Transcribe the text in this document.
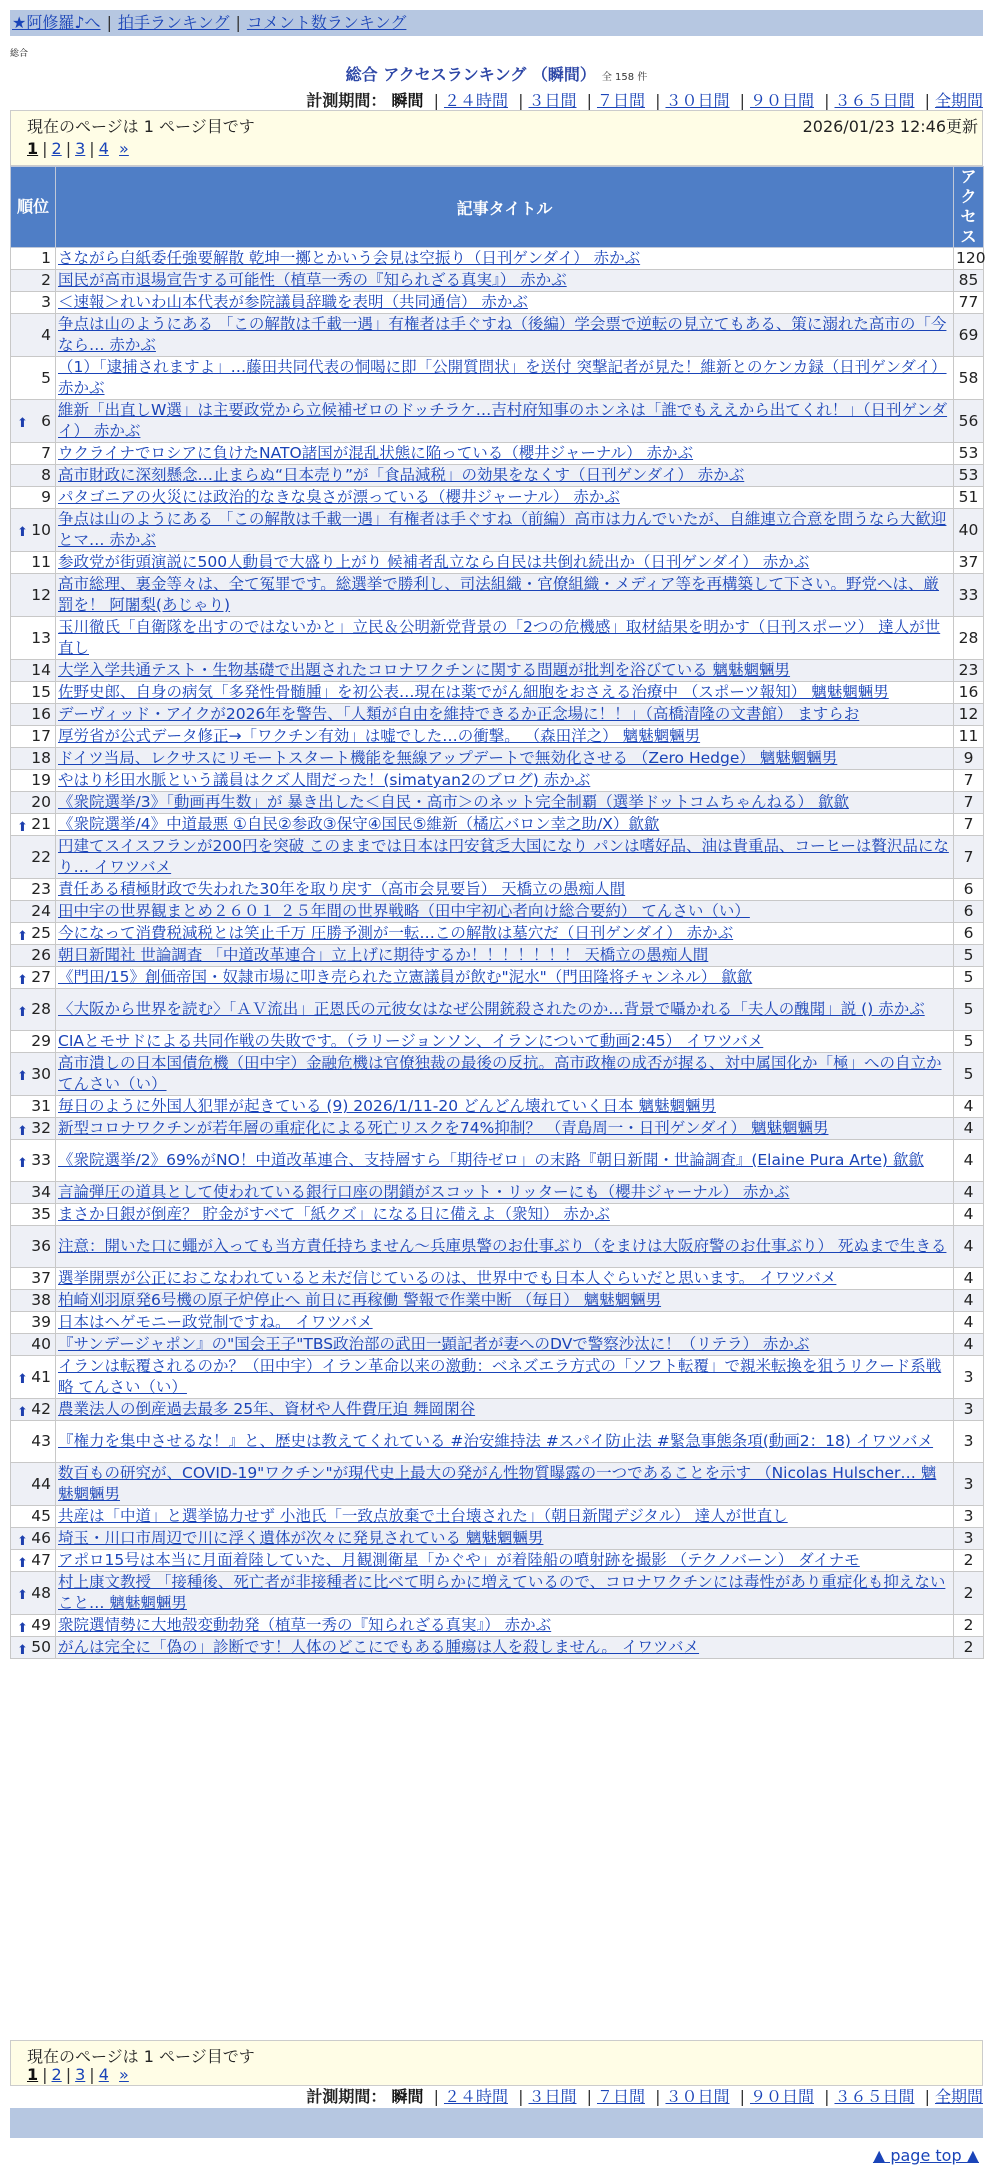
★阿修羅♪へ | 拍手ランキング | コメント数ランキング
総合
総合 アクセスランキング （瞬間） 全 158 件
計測期間： 瞬間 | ２４時間 | ３日間 | ７日間 | ３０日間 | ９０日間 | ３６５日間 | 全期間
現在のページは 1 ページ目です	2026/01/23 12:46更新
1 | 2 | 3 | 4 »
順位	記事タイトル	アクセス
1	さながら白紙委任強要解散 乾坤一擲とかいう会見は空振り（日刊ゲンダイ） 赤かぶ	120
2	国民が高市退場宣告する可能性（植草一秀の『知られざる真実』） 赤かぶ	85
3	＜速報＞れいわ山本代表が参院議員辞職を表明（共同通信） 赤かぶ	77
4	争点は山のようにある 「この解散は千載一遇」有権者は手ぐすね（後編）学会票で逆転の見立てもある、策に溺れた高市の「今なら… 赤かぶ	69
5	（1）「逮捕されますよ」…藤田共同代表の恫喝に即「公開質問状」を送付 突撃記者が見た！維新とのケンカ録（日刊ゲンダイ） 赤かぶ	58

⬆ 6	維新「出直しW選」は主要政党から立候補ゼロのドッチラケ…吉村府知事のホンネは「誰でもええから出てくれ！」（日刊ゲンダイ） 赤かぶ	56
7	ウクライナでロシアに負けたNATO諸国が混乱状態に陥っている（櫻井ジャーナル） 赤かぶ	53
8	高市財政に深刻懸念…止まらぬ“日本売り”が「食品減税」の効果をなくす（日刊ゲンダイ） 赤かぶ	53
9	パタゴニアの火災には政治的なきな臭さが漂っている（櫻井ジャーナル） 赤かぶ	51

⬆ 10	争点は山のようにある 「この解散は千載一遇」有権者は手ぐすね（前編）高市は力んでいたが、自維連立合意を問うなら大歓迎とマ… 赤かぶ	40
11	参政党が街頭演説に500人動員で大盛り上がり 候補者乱立なら自民は共倒れ続出か（日刊ゲンダイ） 赤かぶ	37
12	高市総理、裏金等々は、全て冤罪です。総選挙で勝利し、司法組織・官僚組織・メディア等を再構築して下さい。野党へは、厳罰を！ 阿闍梨(あじゃり)	33
13	玉川徹氏「自衛隊を出すのではないかと」立民＆公明新党背景の「2つの危機感」取材結果を明かす（日刊スポーツ） 達人が世直し	28
14	大学入学共通テスト・生物基礎で出題されたコロナワクチンに関する問題が批判を浴びている 魑魅魍魎男	23
15	佐野史郎、自身の病気「多発性骨髄腫」を初公表…現在は薬でがん細胞をおさえる治療中 （スポーツ報知） 魑魅魍魎男	16
16	デーヴィッド・アイクが2026年を警告、「人類が自由を維持できるか正念場に！！」（高橋清隆の文書館） ますらお	12
17	厚労省が公式データ修正→「ワクチン有効」は嘘でした…の衝撃。 （森田洋之） 魑魅魍魎男	11
18	ドイツ当局、レクサスにリモートスタート機能を無線アップデートで無効化させる （Zero Hedge） 魑魅魍魎男	9
19	やはり杉田水脈という議員はクズ人間だった！(simatyan2のブログ) 赤かぶ	7
20	《衆院選挙/3》「動画再生数」が 暴き出した＜自民・高市＞のネット完全制覇（選挙ドットコムちゃんねる） 歙歙	7

⬆ 21	《衆院選挙/4》中道最悪 ①自民②参政③保守④国民⑤維新（橘広バロン幸之助/X）歙歙	7
22	円建てスイスフランが200円を突破 このままでは日本は円安貧乏大国になり パンは嗜好品、油は貴重品、コーヒーは贅沢品になり… イワツバメ	7
23	責任ある積極財政で失われた30年を取り戻す（高市会見要旨） 天橋立の愚痴人間	6
24	田中宇の世界観まとめ２６０１ ２５年間の世界戦略（田中宇初心者向け総合要約） てんさい（い）	6

⬆ 25	今になって消費税減税とは笑止千万 圧勝予測が一転…この解散は墓穴だ（日刊ゲンダイ） 赤かぶ	6
26	朝日新聞社 世論調査 「中道改革連合」立上げに期待するか！！！！！！！ 天橋立の愚痴人間	5

⬆ 27	《門田/15》創価帝国・奴隷市場に叩き売られた立憲議員が飲む"泥水"（門田隆将チャンネル） 歙歙	5

⬆ 28	〈大阪から世界を読む〉「ＡＶ流出」正恩氏の元彼女はなぜ公開銃殺されたのか…背景で囁かれる「夫人の醜聞」説 () 赤かぶ	5
29	CIAとモサドによる共同作戦の失敗です。（ラリージョンソン、イランについて動画2:45） イワツバメ	5

⬆ 30	高市潰しの日本国債危機（田中宇）金融危機は官僚独裁の最後の反抗。高市政権の成否が握る、対中属国化か「極」への自立か てんさい（い）	5
31	毎日のように外国人犯罪が起きている (9) 2026/1/11-20 どんどん壊れていく日本 魑魅魍魎男	4

⬆ 32	新型コロナワクチンが若年層の重症化による死亡リスクを74%抑制？ （青島周一・日刊ゲンダイ） 魑魅魍魎男	4

⬆ 33	《衆院選挙/2》69%がNO！中道改革連合、支持層すら「期待ゼロ」の末路『朝日新聞・世論調査』(Elaine Pura Arte) 歙歙	4
34	言論弾圧の道具として使われている銀行口座の閉鎖がスコット・リッターにも（櫻井ジャーナル） 赤かぶ	4
35	まさか日銀が倒産？ 貯金がすべて「紙クズ」になる日に備えよ（衆知） 赤かぶ	4
36	注意：開いた口に蠅が入っても当方責任持ちません～兵庫県警のお仕事ぶり（をまけは大阪府警のお仕事ぶり） 死ぬまで生きる	4
37	選挙開票が公正におこなわれていると未だ信じているのは、世界中でも日本人ぐらいだと思います。 イワツバメ	4
38	柏崎刈羽原発6号機の原子炉停止へ 前日に再稼働 警報で作業中断 （毎日） 魑魅魍魎男	4
39	日本はヘゲモニー政党制ですね。 イワツバメ	4
40	『サンデージャポン』の"国会王子"TBS政治部の武田一顕記者が妻へのDVで警察沙汰に！（リテラ） 赤かぶ	4

⬆ 41	イランは転覆されるのか？（田中宇）イラン革命以来の激動：ベネズエラ方式の「ソフト転覆」で親米転換を狙うリクード系戦略 てんさい（い）	3

⬆ 42	農業法人の倒産過去最多 25年、資材や人件費圧迫 舞岡閑谷	3
43	『権力を集中させるな！』と、歴史は教えてくれている #治安維持法 #スパイ防止法 #緊急事態条項(動画2：18) イワツバメ	3
44	数百もの研究が、COVID-19"ワクチン"が現代史上最大の発がん性物質曝露の一つであることを示す （Nicolas Hulscher… 魑魅魍魎男	3
45	共産は「中道」と選挙協力せず 小池氏「一致点放棄で土台壊された」（朝日新聞デジタル） 達人が世直し	3

⬆ 46	埼玉・川口市周辺で川に浮く遺体が次々に発見されている 魑魅魍魎男	3

⬆ 47	アポロ15号は本当に月面着陸していた、月観測衛星「かぐや」が着陸船の噴射跡を撮影 （テクノバーン） ダイナモ	2

⬆ 48	村上康文教授 「接種後、死亡者が非接種者に比べて明らかに増えているので、コロナワクチンには毒性があり重症化も抑えないこと… 魑魅魍魎男	2

⬆ 49	衆院選情勢に大地殻変動勃発（植草一秀の『知られざる真実』） 赤かぶ	2

⬆ 50	がんは完全に「偽の」診断です！人体のどこにでもある腫瘍は人を殺しません。 イワツバメ	2
現在のページは 1 ページ目です
1 | 2 | 3 | 4 »
計測期間： 瞬間 | ２４時間 | ３日間 | ７日間 | ３０日間 | ９０日間 | ３６５日間 | 全期間
▲ page top ▲
